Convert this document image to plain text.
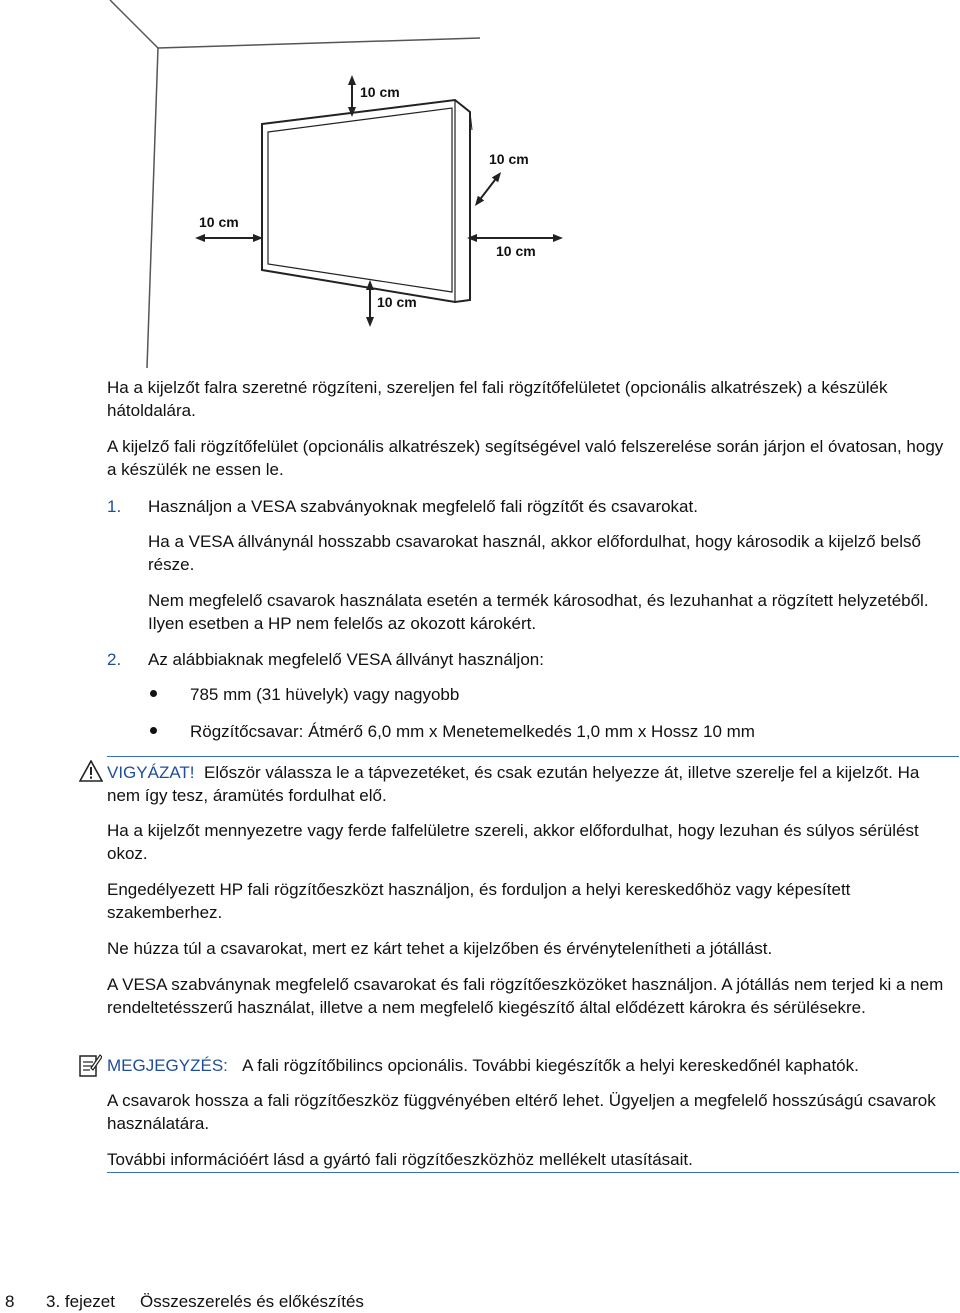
10 cm
10 cm
10 cm
10 cm
10 cm

Ha a kijelzőt falra szeretné rögzíteni, szereljen fel fali rögzítőfelületet (opcionális alkatrészek) a készülék hátoldalára.

A kijelző fali rögzítőfelület (opcionális alkatrészek) segítségével való felszerelése során járjon el óvatosan, hogy a készülék ne essen le.

1. Használjon a VESA szabványoknak megfelelő fali rögzítőt és csavarokat.

Ha a VESA állványnál hosszabb csavarokat használ, akkor előfordulhat, hogy károsodik a kijelző belső része.

Nem megfelelő csavarok használata esetén a termék károsodhat, és lezuhanhat a rögzített helyzetéből. Ilyen esetben a HP nem felelős az okozott károkért.

2. Az alábbiaknak megfelelő VESA állványt használjon:

785 mm (31 hüvelyk) vagy nagyobb
Rögzítőcsavar: Átmérő 6,0 mm x Menetemelkedés 1,0 mm x Hossz 10 mm

VIGYÁZAT! Először válassza le a tápvezetéket, és csak ezután helyezze át, illetve szerelje fel a kijelzőt. Ha nem így tesz, áramütés fordulhat elő.

Ha a kijelzőt mennyezetre vagy ferde falfelületre szereli, akkor előfordulhat, hogy lezuhan és súlyos sérülést okoz.

Engedélyezett HP fali rögzítőeszközt használjon, és forduljon a helyi kereskedőhöz vagy képesített szakemberhez.

Ne húzza túl a csavarokat, mert ez kárt tehet a kijelzőben és érvénytelenítheti a jótállást.

A VESA szabványnak megfelelő csavarokat és fali rögzítőeszközöket használjon. A jótállás nem terjed ki a nem rendeltetésszerű használat, illetve a nem megfelelő kiegészítő által elődézett károkra és sérülésekre.

MEGJEGYZÉS: A fali rögzítőbilincs opcionális. További kiegészítők a helyi kereskedőnél kaphatók.

A csavarok hossza a fali rögzítőeszköz függvényében eltérő lehet. Ügyeljen a megfelelő hosszúságú csavarok használatára.

További információért lásd a gyártó fali rögzítőeszközhöz mellékelt utasításait.

8 3. fejezet Összeszerelés és előkészítés
